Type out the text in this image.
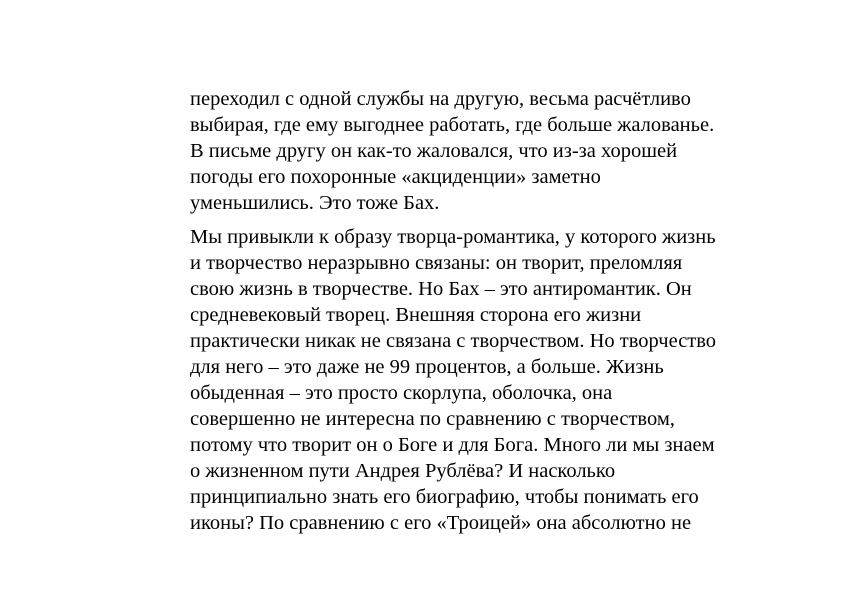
переходил с одной службы на другую, весьма расчётливо
выбирая, где ему выгоднее работать, где больше жалованье.
В письме другу он как-то жаловался, что из-за хорошей
погоды его похоронные «акциденции» заметно
уменьшились. Это тоже Бах.

Мы привыкли к образу творца-романтика, у которого жизнь
и творчество неразрывно связаны: он творит, преломляя
свою жизнь в творчестве. Но Бах – это антиромантик. Он
средневековый творец. Внешняя сторона его жизни
практически никак не связана с творчеством. Но творчество
для него – это даже не 99 процентов, а больше. Жизнь
обыденная – это просто скорлупа, оболочка, она
совершенно не интересна по сравнению с творчеством,
потому что творит он о Боге и для Бога. Много ли мы знаем
о жизненном пути Андрея Рублёва? И насколько
принципиально знать его биографию, чтобы понимать его
иконы? По сравнению с его «Троицей» она абсолютно не
